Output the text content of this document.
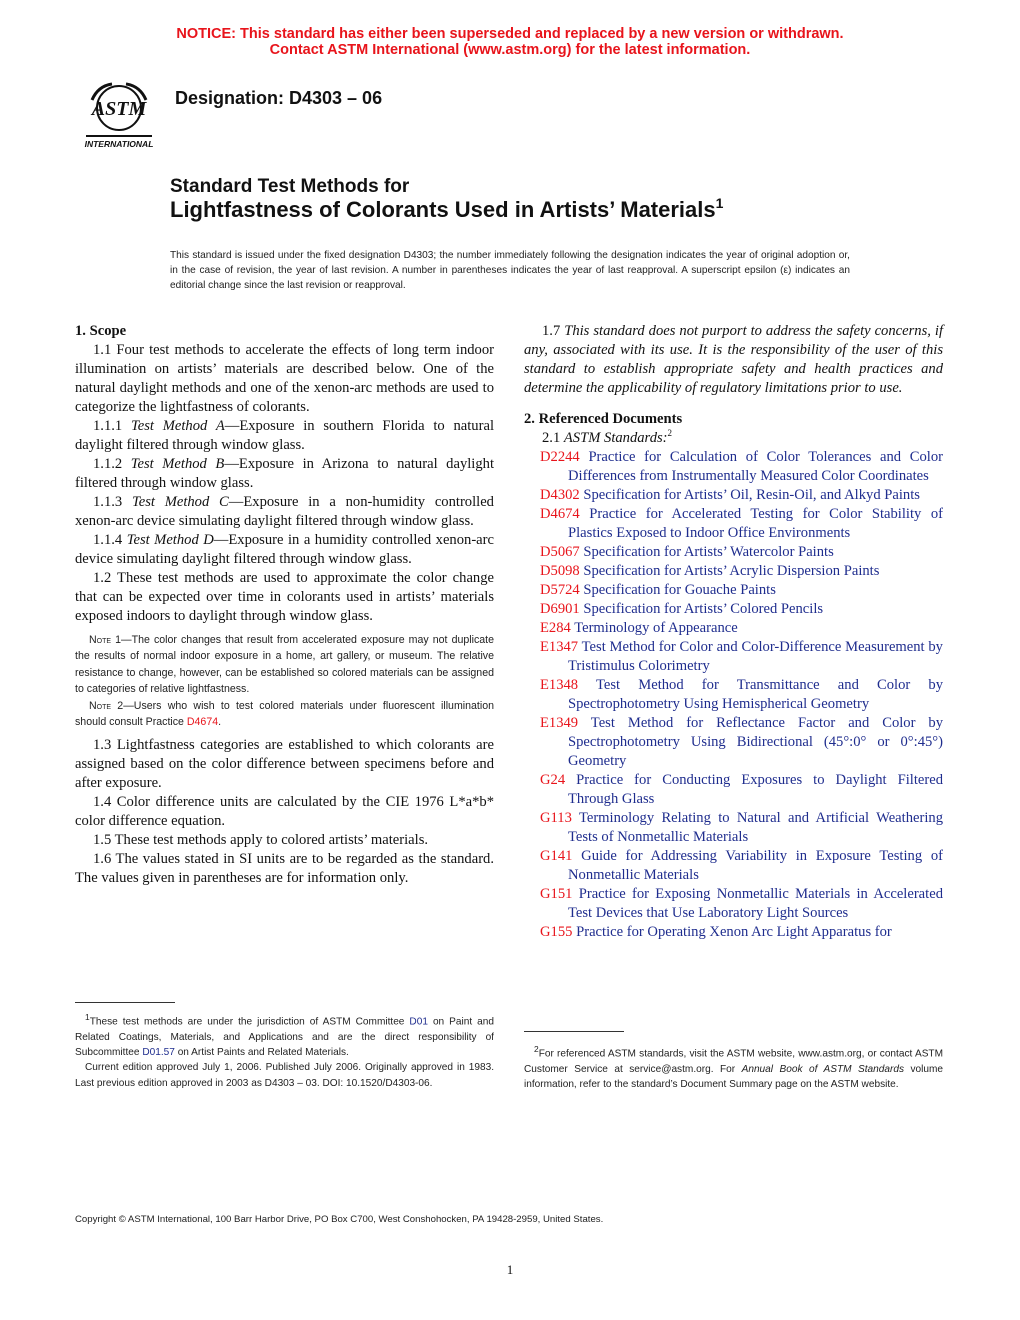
NOTICE: This standard has either been superseded and replaced by a new version or withdrawn.
Contact ASTM International (www.astm.org) for the latest information.
ASTM
INTERNATIONAL
Designation: D4303 – 06
Standard Test Methods for
Lightfastness of Colorants Used in Artists’ Materials$^1$
This standard is issued under the fixed designation D4303; the number immediately following the designation indicates the year of original adoption or, in the case of revision, the year of last revision. A number in parentheses indicates the year of last reapproval. A superscript epsilon (ε) indicates an editorial change since the last revision or reapproval.
1. Scope

1.1 Four test methods to accelerate the effects of long term indoor illumination on artists’ materials are described below. One of the natural daylight methods and one of the xenon-arc methods are used to categorize the lightfastness of colorants.

1.1.1 Test Method A—Exposure in southern Florida to natural daylight filtered through window glass.

1.1.2 Test Method B—Exposure in Arizona to natural daylight filtered through window glass.

1.1.3 Test Method C—Exposure in a non-humidity controlled xenon-arc device simulating daylight filtered through window glass.

1.1.4 Test Method D—Exposure in a humidity controlled xenon-arc device simulating daylight filtered through window glass.

1.2 These test methods are used to approximate the color change that can be expected over time in colorants used in artists’ materials exposed indoors to daylight through window glass.

Note 1—The color changes that result from accelerated exposure may not duplicate the results of normal indoor exposure in a home, art gallery, or museum. The relative resistance to change, however, can be established so colored materials can be assigned to categories of relative lightfastness.

Note 2—Users who wish to test colored materials under fluorescent illumination should consult Practice D4674.

1.3 Lightfastness categories are established to which colorants are assigned based on the color difference between specimens before and after exposure.

1.4 Color difference units are calculated by the CIE 1976 L*a*b* color difference equation.

1.5 These test methods apply to colored artists’ materials.

1.6 The values stated in SI units are to be regarded as the standard. The values given in parentheses are for information only.

$^1$These test methods are under the jurisdiction of ASTM Committee D01 on Paint and Related Coatings, Materials, and Applications and are the direct responsibility of Subcommittee D01.57 on Artist Paints and Related Materials.

Current edition approved July 1, 2006. Published July 2006. Originally approved in 1983. Last previous edition approved in 2003 as D4303 – 03. DOI: 10.1520/D4303-06.

1.7 This standard does not purport to address the safety concerns, if any, associated with its use. It is the responsibility of the user of this standard to establish appropriate safety and health practices and determine the applicability of regulatory limitations prior to use.

2. Referenced Documents

2.1 ASTM Standards:$^2$

D2244 Practice for Calculation of Color Tolerances and Color Differences from Instrumentally Measured Color Coordinates

D4302 Specification for Artists’ Oil, Resin-Oil, and Alkyd Paints

D4674 Practice for Accelerated Testing for Color Stability of Plastics Exposed to Indoor Office Environments

D5067 Specification for Artists’ Watercolor Paints

D5098 Specification for Artists’ Acrylic Dispersion Paints

D5724 Specification for Gouache Paints

D6901 Specification for Artists’ Colored Pencils

E284 Terminology of Appearance

E1347 Test Method for Color and Color-Difference Measurement by Tristimulus Colorimetry

E1348 Test Method for Transmittance and Color by Spectrophotometry Using Hemispherical Geometry

E1349 Test Method for Reflectance Factor and Color by Spectrophotometry Using Bidirectional (45°:0° or 0°:45°) Geometry

G24 Practice for Conducting Exposures to Daylight Filtered Through Glass

G113 Terminology Relating to Natural and Artificial Weathering Tests of Nonmetallic Materials

G141 Guide for Addressing Variability in Exposure Testing of Nonmetallic Materials

G151 Practice for Exposing Nonmetallic Materials in Accelerated Test Devices that Use Laboratory Light Sources

G155 Practice for Operating Xenon Arc Light Apparatus for

$^2$For referenced ASTM standards, visit the ASTM website, www.astm.org, or contact ASTM Customer Service at service@astm.org. For Annual Book of ASTM Standards volume information, refer to the standard’s Document Summary page on the ASTM website.

Copyright © ASTM International, 100 Barr Harbor Drive, PO Box C700, West Conshohocken, PA 19428-2959, United States.
1
